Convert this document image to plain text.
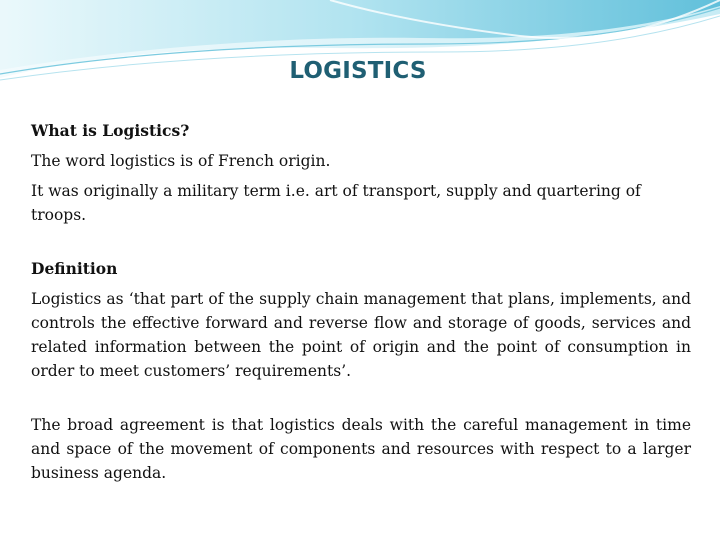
LOGISTICS

What is Logistics?

The word logistics is of French origin.

It was originally a military term i.e. art of transport, supply and quartering of troops.

Definition

Logistics as ‘that part of the supply chain management that plans, implements, and controls the effective forward and reverse flow and storage of goods, services and related information between the point of origin and the point of consumption in order to meet customers’ requirements’.

The broad agreement is that logistics deals with the careful management in time and space of the movement of components and resources with respect to a larger business agenda.
